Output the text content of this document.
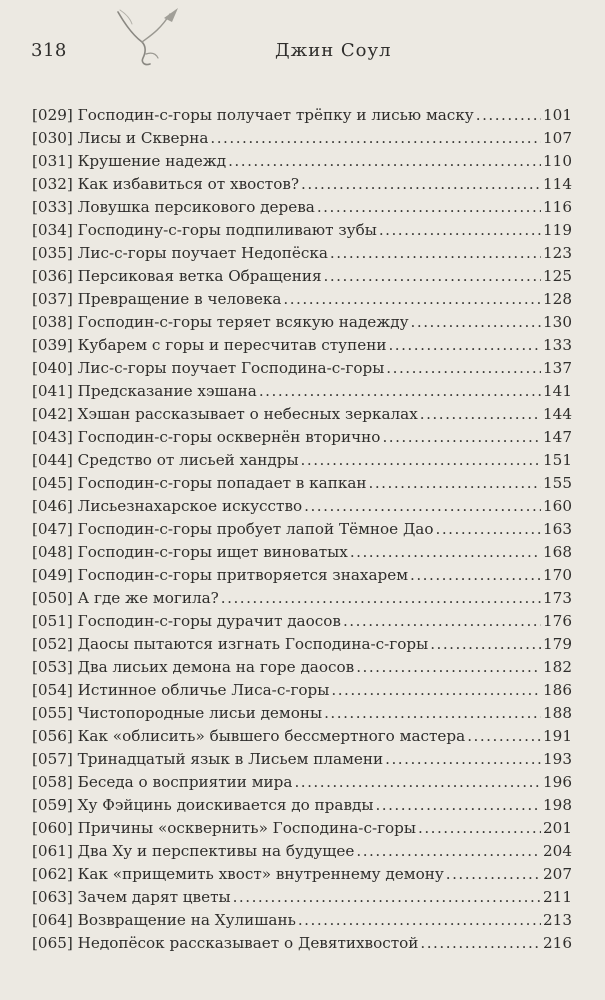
318	Джин Соул
[029] Господин-с-горы получает трёпку и лисью маску .....	101
[030] Лисы и Скверна .....	107
[031] Крушение надежд .....	110
[032] Как избавиться от хвостов? .....	114
[033] Ловушка персикового дерева .....	116
[034] Господину-с-горы подпиливают зубы .....	119
[035] Лис-с-горы поучает Недопёска .....	123
[036] Персиковая ветка Обращения .....	125
[037] Превращение в человека .....	128
[038] Господин-с-горы теряет всякую надежду .....	130
[039] Кубарем с горы и пересчитав ступени .....	133
[040] Лис-с-горы поучает Господина-с-горы .....	137
[041] Предсказание хэшана .....	141
[042] Хэшан рассказывает о небесных зеркалах .....	144
[043] Господин-с-горы осквернён вторично .....	147
[044] Средство от лисьей хандры .....	151
[045] Господин-с-горы попадает в капкан .....	155
[046] Лисьезнахарское искусство .....	160
[047] Господин-с-горы пробует лапой Тёмное Дао .....	163
[048] Господин-с-горы ищет виноватых .....	168
[049] Господин-с-горы притворяется знахарем .....	170
[050] А где же могила? .....	173
[051] Господин-с-горы дурачит даосов .....	176
[052] Даосы пытаются изгнать Господина-с-горы .....	179
[053] Два лисьих демона на горе даосов .....	182
[054] Истинное обличье Лиса-с-горы .....	186
[055] Чистопородные лисьи демоны .....	188
[056] Как «облисить» бывшего бессмертного мастера .....	191
[057] Тринадцатый язык в Лисьем пламени .....	193
[058] Беседа о восприятии мира .....	196
[059] Ху Фэйцинь доискивается до правды .....	198
[060] Причины «осквернить» Господина-с-горы .....	201
[061] Два Ху и перспективы на будущее .....	204
[062] Как «прищемить хвост» внутреннему демону .....	207
[063] Зачем дарят цветы .....	211
[064] Возвращение на Хулишань .....	213
[065] Недопёсок рассказывает о Девятихвостой .....	216
